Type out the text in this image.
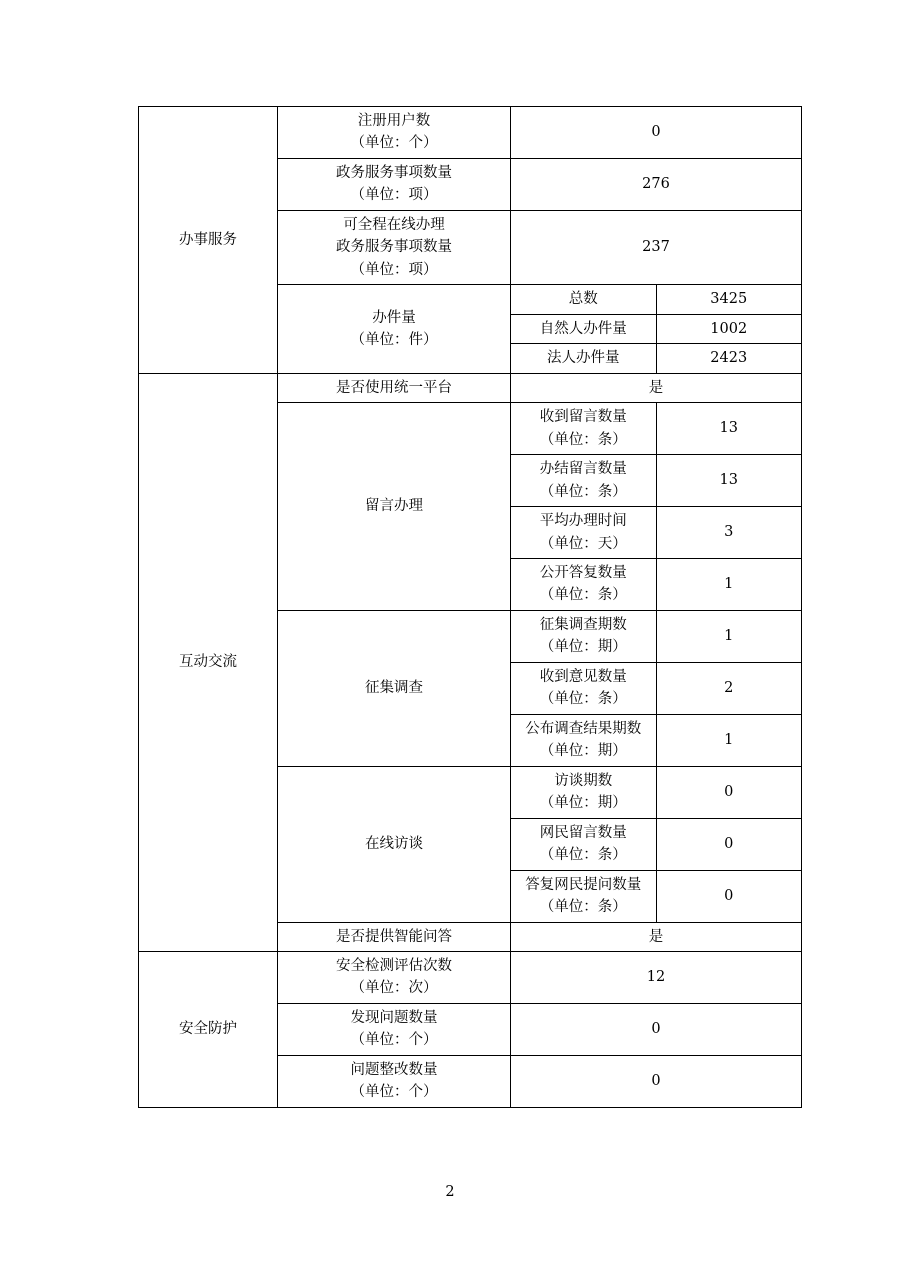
办事服务	注册用户数
（单位：个）	0	

	政务服务事项数量
（单位：项）	276	

	可全程在线办理
政务服务事项数量
（单位：项）	237	

	办件量
（单位：件）	总数	3425
		自然人办件量	1002
		法人办件量	2423
互动交流	是否使用统一平台	是	

	留言办理	收到留言数量
（单位：条）	13

		办结留言数量
（单位：条）	13

		平均办理时间
（单位：天）	3

		公开答复数量
（单位：条）	1

	征集调查	征集调查期数
（单位：期）	1

		收到意见数量
（单位：条）	2

		公布调查结果期数
（单位：期）	1

	在线访谈	访谈期数
（单位：期）	0

		网民留言数量
（单位：条）	0

		答复网民提问数量
（单位：条）	0

	是否提供智能问答	是	
安全防护	安全检测评估次数
（单位：次）	12	

	发现问题数量
（单位：个）	0	

	问题整改数量
（单位：个）	0	
2
